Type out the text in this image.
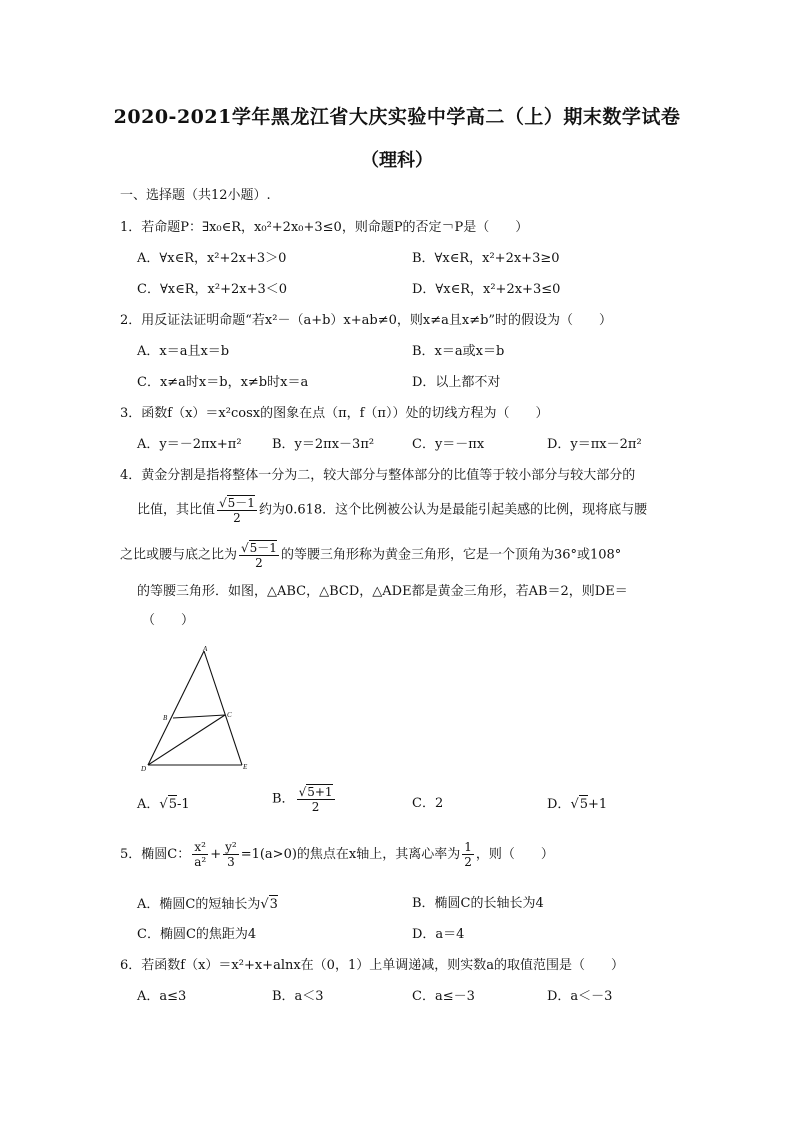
2020-2021学年黑龙江省大庆实验中学高二（上）期末数学试卷
（理科）
一、选择题（共12小题）.
1．若命题P：∃x₀∈R，x₀²+2x₀+3≤0，则命题P的否定￢P是（　　）
A．∀x∈R，x²+2x+3＞0	B．∀x∈R，x²+2x+3≥0
C．∀x∈R，x²+2x+3＜0	D．∀x∈R，x²+2x+3≤0
2．用反证法证明命题“若x²－（a+b）x+ab≠0，则x≠a且x≠b”时的假设为（　　）
A．x＝a且x＝b	B．x＝a或x＝b
C．x≠a时x＝b，x≠b时x＝a	D．以上都不对
3．函数f（x）＝x²cosx的图象在点（π，f（π））处的切线方程为（　　）
A．y＝－2πx+π² B．y＝2πx－3π²	C．y＝－πx	D．y＝πx－2π²
4．黄金分割是指将整体一分为二，较大部分与整体部分的比值等于较小部分与较大部分的
比值，其比值 $\frac{√5-1}{2}$ 约为0.618．这个比例被公认为是最能引起美感的比例，现将底与腰
之比或腰与底之比为 $\frac{√5-1}{2}$ 的等腰三角形称为黄金三角形，它是一个顶角为36°或108°
的等腰三角形．如图，△ABC，△BCD，△ADE都是黄金三角形，若AB＝2，则DE＝
（　　）
A
B	C
D	E
A．√5-1	B． $\frac{√5+1}{2}$	C．2	D．√5+1
5．椭圆C： $\frac{\text{x²}}{\text{a²}} + \frac{\text{y²}}{3} =1(a>0)$的焦点在x轴上，其离心率为 $\frac{1}{2}$ ，则（　　）
A．椭圆C的短轴长为√3	B．椭圆C的长轴长为4
C．椭圆C的焦距为4	D．a＝4
6．若函数f（x）＝x²+x+alnx在（0，1）上单调递减，则实数a的取值范围是（　　）
A．a≤3	B．a＜3	C．a≤－3	D．a＜－3
